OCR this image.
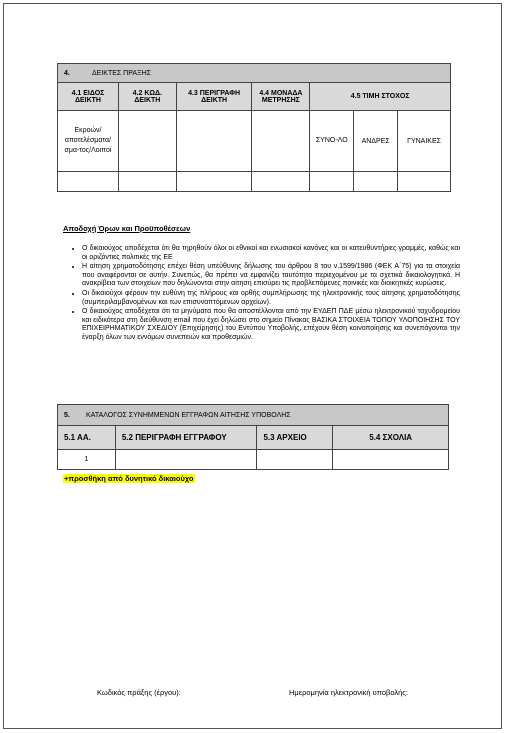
4. ΔΕΙΚΤΕΣ ΠΡΑΞΗΣ						
4.1 ΕΙΔΟΣ ΔΕΙΚΤΗ	4.2 ΚΩΔ. ΔΕΙΚΤΗ	4.3 ΠΕΡΙΓΡΑΦΗ ΔΕΙΚΤΗ	4.4 ΜΟΝΑΔΑ ΜΕΤΡΗΣΗΣ	4.5 ΤΙΜΗ ΣΤΟΧΟΣ		
Εκροών/ αποτελέσματα/ σμα-τος/Λοιποί				ΣΥΝΟ-ΛΟ	ΑΝΔΡΕΣ	ΓΥΝΑΙΚΕΣ

Αποδοχή Όρων και Προϋποθέσεων
• Ο δικαιούχος αποδέχεται ότι θα τηρηθούν όλοι οι εθνικοί και ενωσιακοί κανόνες και οι κατευθυντήριες γραμμές, καθώς και οι οριζόντιες πολιτικές της ΕΕ
• Η αίτηση χρηματοδότησης επέχει θέση υπεύθυνης δήλωσης του άρθρου 8 του ν.1599/1986 (ΦΕΚ Α΄75) για τα στοιχεία που αναφέρονται σε αυτήν. Συνεπώς, θα πρέπει να εμφανίζει ταυτότητα περιεχομένου με τα σχετικά δικαιολογητικά. Η ανακρίβεια των στοιχείων που δηλώνονται στην αίτηση επισύρει τις προβλεπόμενες ποινικές και διοικητικές κυρώσεις.
• Οι δικαιούχοι φέρουν την ευθύνη της πλήρους και ορθής συμπλήρωσης της ηλεκτρονικής τους αίτησης χρηματοδότησης (συμπεριλαμβανομένων και των επισυναπτόμενων αρχείων).
• Ο δικαιούχος αποδέχεται ότι τα μηνύματα που θα αποστέλλονται από την ΕΥΔΕΠ ΠΔΕ μέσω ηλεκτρονικού ταχυδρομείου και ειδικότερα στη διεύθυνση email που έχει δηλώσει στο σημείο Πίνακας ΒΑΣΙΚΑ ΣΤΟΙΧΕΙΑ ΤΟΠΟΥ ΥΛΟΠΟΙΗΣΗΣ ΤΟΥ ΕΠΙΧΕΙΡΗΜΑΤΙΚΟΥ ΣΧΕΔΙΟΥ (Επιχείρησης) του Εντύπου Υποβολής, επέχουν θέση κοινοποίησης και συνεπάγονται την έναρξη όλων των εννόμων συνεπειών και προθεσμιών.
5. ΚΑΤΑΛΟΓΟΣ ΣΥΝΗΜΜΕΝΩΝ ΕΓΓΡΑΦΩΝ ΑΙΤΗΣΗΣ ΥΠΟΒΟΛΗΣ			
5.1 ΑΑ.	5.2 ΠΕΡΙΓΡΑΦΗ ΕΓΓΡΑΦΟΥ	5.3 ΑΡΧΕΙΟ	5.4 ΣΧΟΛΙΑ
1			
+προσθήκη από δυνητικό δικαιούχο
Κωδικός πράξης (έργου):	Ημερομηνία ηλεκτρονική υποβολής:
